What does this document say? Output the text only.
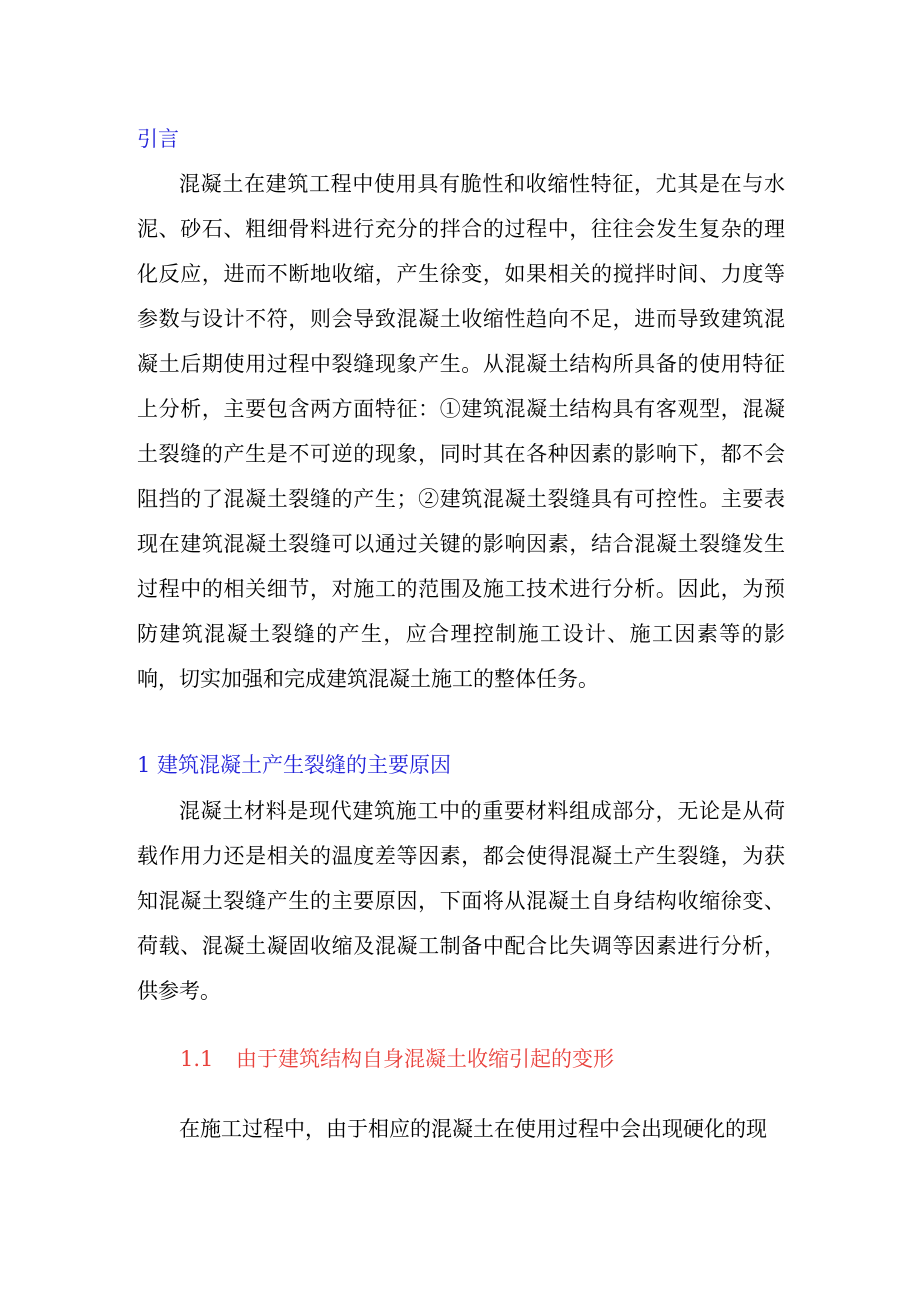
引言

混凝土在建筑工程中使用具有脆性和收缩性特征，尤其是在与水泥、砂石、粗细骨料进行充分的拌合的过程中，往往会发生复杂的理化反应，进而不断地收缩，产生徐变，如果相关的搅拌时间、力度等参数与设计不符，则会导致混凝土收缩性趋向不足，进而导致建筑混凝土后期使用过程中裂缝现象产生。从混凝土结构所具备的使用特征上分析，主要包含两方面特征：①建筑混凝土结构具有客观型，混凝土裂缝的产生是不可逆的现象，同时其在各种因素的影响下，都不会阻挡的了混凝土裂缝的产生；②建筑混凝土裂缝具有可控性。主要表现在建筑混凝土裂缝可以通过关键的影响因素，结合混凝土裂缝发生过程中的相关细节，对施工的范围及施工技术进行分析。因此，为预防建筑混凝土裂缝的产生，应合理控制施工设计、施工因素等的影响，切实加强和完成建筑混凝土施工的整体任务。

1 建筑混凝土产生裂缝的主要原因

混凝土材料是现代建筑施工中的重要材料组成部分，无论是从荷载作用力还是相关的温度差等因素，都会使得混凝土产生裂缝，为获知混凝土裂缝产生的主要原因，下面将从混凝土自身结构收缩徐变、荷载、混凝土凝固收缩及混凝工制备中配合比失调等因素进行分析，供参考。

1.1 由于建筑结构自身混凝土收缩引起的变形

在施工过程中，由于相应的混凝土在使用过程中会出现硬化的现
